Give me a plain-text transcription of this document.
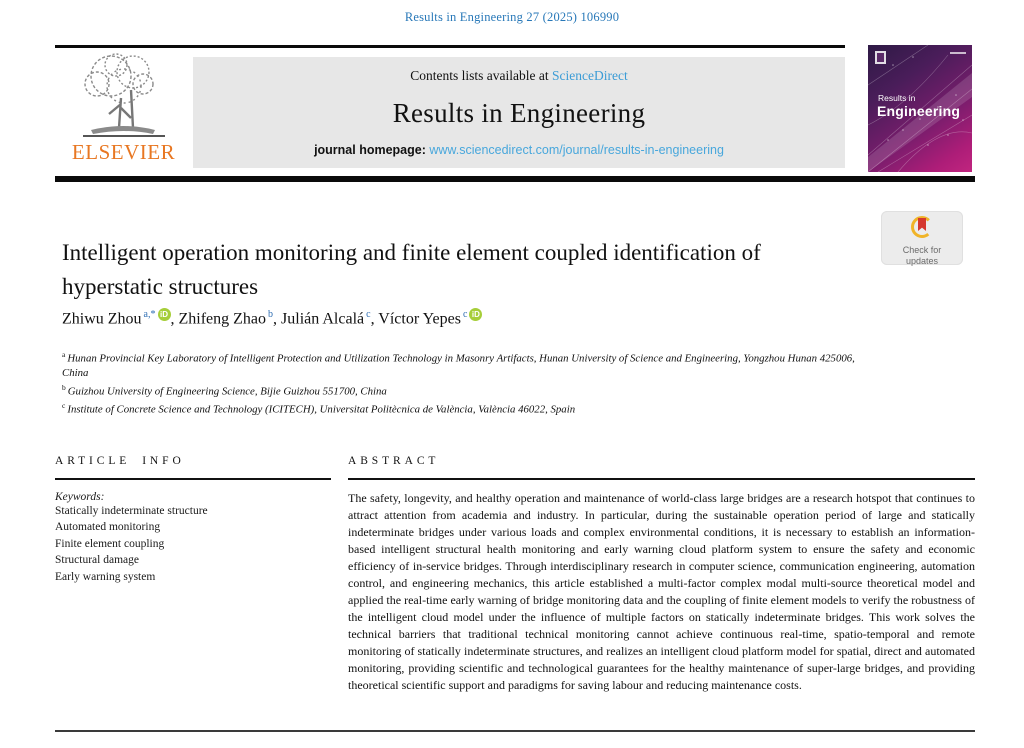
Results in Engineering 27 (2025) 106990
ELSEVIER
Contents lists available at ScienceDirect
Results in Engineering
journal homepage: www.sciencedirect.com/journal/results-in-engineering
Results in
Engineering
Intelligent operation monitoring and finite element coupled identification of hyperstatic structures
Check for
updates
Zhiwu Zhou $^{a,*}$ iD , Zhifeng Zhao $^b$, Julián Alcalá $^c$, Víctor Yepes $^c$ iD
$^a$ Hunan Provincial Key Laboratory of Intelligent Protection and Utilization Technology in Masonry Artifacts, Hunan University of Science and Engineering, Yongzhou Hunan 425006, China
$^b$ Guizhou University of Engineering Science, Bijie Guizhou 551700, China
$^c$ Institute of Concrete Science and Technology (ICITECH), Universitat Politècnica de València, València 46022, Spain
ARTICLE INFO
Keywords:
Statically indeterminate structure
Automated monitoring
Finite element coupling
Structural damage
Early warning system
ABSTRACT
The safety, longevity, and healthy operation and maintenance of world-class large bridges are a research hotspot that continues to attract attention from academia and industry. In particular, during the sustainable operation period of large and statically indeterminate bridges under various loads and complex environmental conditions, it is necessary to establish an information-based intelligent structural health monitoring and early warning cloud platform system to ensure the safety and economic efficiency of in-service bridges. Through interdisciplinary research in computer science, communication engineering, automation control, and engineering mechanics, this article established a multi-factor complex modal multi-source theoretical model and applied the real-time early warning of bridge monitoring data and the coupling of finite element models to verify the robustness of the intelligent cloud model under the influence of multiple factors on statically indeterminate bridges. This work solves the technical barriers that traditional technical monitoring cannot achieve continuous real-time, spatio-temporal and remote monitoring of statically indeterminate structures, and realizes an intelligent cloud platform model for spatial, direct and automated monitoring, providing scientific and technological guarantees for the healthy maintenance of super-large bridges, and providing theoretical scientific support and paradigms for saving labour and reducing maintenance costs.
